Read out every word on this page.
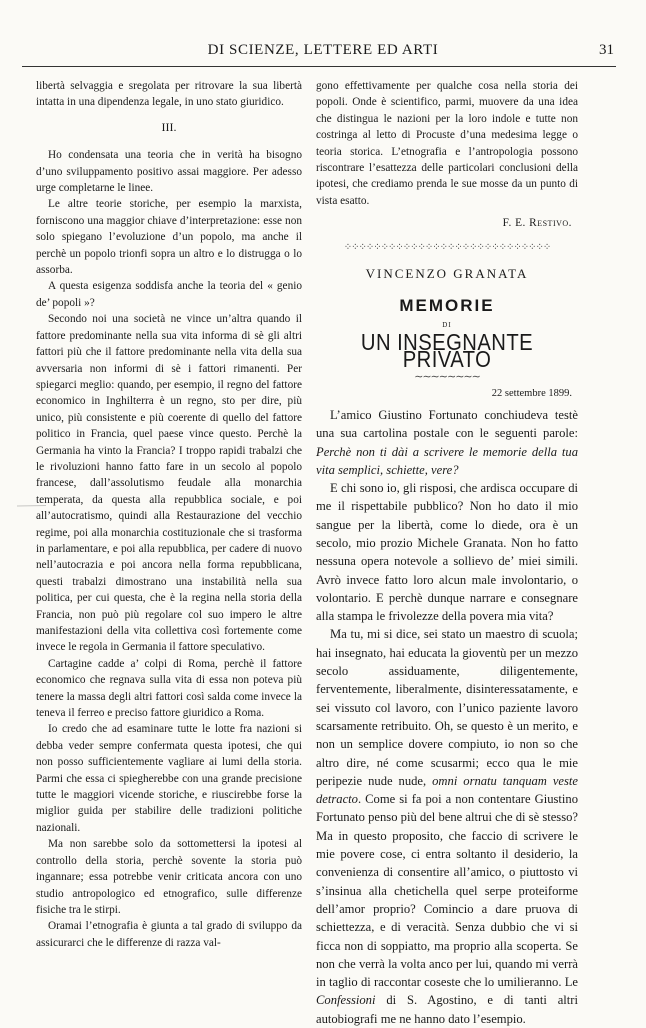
DI SCIENZE, LETTERE ED ARTI	31

libertà selvaggia e sregolata per ritrovare la sua libertà intatta in una dipendenza legale, in uno stato giuridico.

III.

Ho condensata una teoria che in verità ha bisogno d’uno sviluppamento positivo assai maggiore. Per adesso urge completarne le linee.

Le altre teorie storiche, per esempio la marxista, forniscono una maggior chiave d’interpretazione: esse non solo spiegano l’evoluzione d’un popolo, ma anche il perchè un popolo trionfi sopra un altro e lo distrugga o lo assorba.

A questa esigenza soddisfa anche la teoria del « genio de’ popoli »?

Secondo noi una società ne vince un’altra quando il fattore predominante nella sua vita informa di sè gli altri fattori più che il fattore predominante nella vita della sua avversaria non informi di sè i fattori rimanenti. Per spiegarci meglio: quando, per esempio, il regno del fattore economico in Inghilterra è un regno, sto per dire, più unico, più consistente e più coerente di quello del fattore politico in Francia, quel paese vince questo. Perchè la Germania ha vinto la Francia? I troppo rapidi trabalzi che le rivoluzioni hanno fatto fare in un secolo al popolo francese, dall’assolutismo feudale alla monarchia temperata, da questa alla repubblica sociale, e poi all’autocratismo, quindi alla Restaurazione del vecchio regime, poi alla monarchia costituzionale che si trasforma in parlamentare, e poi alla repubblica, per cadere di nuovo nell’autocrazia e poi ancora nella forma repubblicana, questi trabalzi dimostrano una instabilità nella sua politica, per cui questa, che è la regina nella storia della Francia, non può più regolare col suo impero le altre manifestazioni della vita collettiva così fortemente come invece le regola in Germania il fattore speculativo.

Cartagine cadde a’ colpi di Roma, perchè il fattore economico che regnava sulla vita di essa non poteva più tenere la massa degli altri fattori così salda come invece la teneva il ferreo e preciso fattore giuridico a Roma.

Io credo che ad esaminare tutte le lotte fra nazioni si debba veder sempre confermata questa ipotesi, che qui non posso sufficientemente vagliare ai lumi della storia. Parmi che essa ci spiegherebbe con una grande precisione tutte le maggiori vicende storiche, e riuscirebbe forse la miglior guida per stabilire delle tradizioni politiche nazionali.

Ma non sarebbe solo da sottomettersi la ipotesi al controllo della storia, perchè sovente la storia può ingannare; essa potrebbe venir criticata ancora con uno studio antropologico ed etnografico, sulle differenze fisiche tra le stirpi.

Oramai l’etnografia è giunta a tal grado di sviluppo da assicurarci che le differenze di razza val-

gono effettivamente per qualche cosa nella storia dei popoli. Onde è scientifico, parmi, muovere da una idea che distingua le nazioni per la loro indole e tutte non costringa al letto di Procuste d’una medesima legge o teoria storica. L’etnografia e l’antropologia possono riscontrare l’esattezza delle particolari conclusioni della ipotesi, che crediamo prenda le sue mosse da un punto di vista esatto.

F. E. Restivo.
⁘⁘⁘⁘⁘⁘⁘⁘⁘⁘⁘⁘⁘⁘⁘⁘⁘⁘⁘⁘⁘⁘⁘⁘⁘⁘⁘⁘
VINCENZO GRANATA
MEMORIE
DI
UN INSEGNANTE PRIVATO
∼∼∼∼∼∼∼∼
22 settembre 1899.

L’amico Giustino Fortunato conchiudeva testè una sua cartolina postale con le seguenti parole: Perchè non ti dài a scrivere le memorie della tua vita semplici, schiette, vere?

E chi sono io, gli risposi, che ardisca occupare di me il rispettabile pubblico? Non ho dato il mio sangue per la libertà, come lo diede, ora è un secolo, mio prozio Michele Granata. Non ho fatto nessuna opera notevole a sollievo de’ miei simili. Avrò invece fatto loro alcun male involontario, o volontario. E perchè dunque narrare e consegnare alla stampa le frivolezze della povera mia vita?

Ma tu, mi si dice, sei stato un maestro di scuola; hai insegnato, hai educata la gioventù per un mezzo secolo assiduamente, diligentemente, ferventemente, liberalmente, disinteressatamente, e sei vissuto col lavoro, con l’unico paziente lavoro scarsamente retribuito. Oh, se questo è un merito, e non un semplice dovere compiuto, io non so che altro dire, né come scusarmi; ecco qua le mie peripezie nude nude, omni ornatu tanquam veste detracto. Come si fa poi a non contentare Giustino Fortunato penso più del bene altrui che di sè stesso? Ma in questo proposito, che faccio di scrivere le mie povere cose, ci entra soltanto il desiderio, la convenienza di consentire all’amico, o piuttosto vi s’insinua alla chetichella quel serpe proteiforme dell’amor proprio? Comincio a dare pruova di schiettezza, e di veracità. Senza dubbio che vi si ficca non di soppiatto, ma proprio alla scoperta. Se non che verrà la volta anco per lui, quando mi verrà in taglio di raccontar coseste che lo umilieranno. Le Confessioni di S. Agostino, e di tanti altri autobiografi me ne hanno dato l’esempio.
